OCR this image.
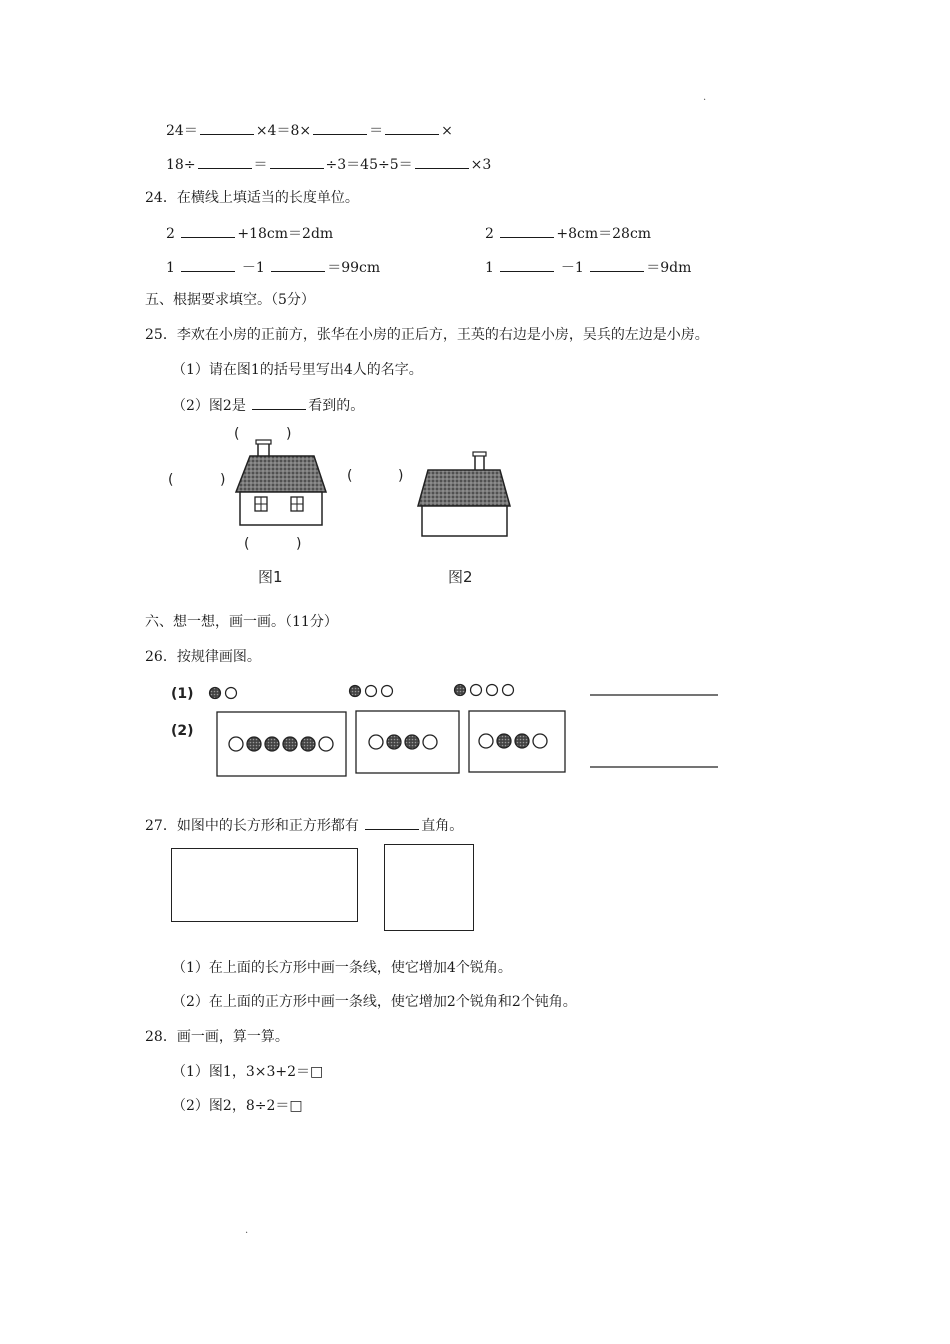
.
24＝	×4＝8×	＝	×
18÷	＝	÷3＝45÷5＝	×3
24．在横线上填适当的长度单位。
2	+18cm＝2dm	2	+8cm＝28cm
1	－1	＝99cm	1	－1	＝9dm
五、根据要求填空。（5分）
25．李欢在小房的正前方，张华在小房的正后方，王英的右边是小房，吴兵的左边是小房。
（1）请在图1的括号里写出4人的名字。
（2）图2是	看到的。
(	)
(	)	(	)
(	)
图1	图2
六、想一想，画一画。（11分）
26．按规律画图。
(1)
(2)
27．如图中的长方形和正方形都有	直角。
（1）在上面的长方形中画一条线，使它增加4个锐角。
（2）在上面的正方形中画一条线，使它增加2个锐角和2个钝角。
28．画一画，算一算。
（1）图1，3×3+2＝□
（2）图2，8÷2＝□
.
